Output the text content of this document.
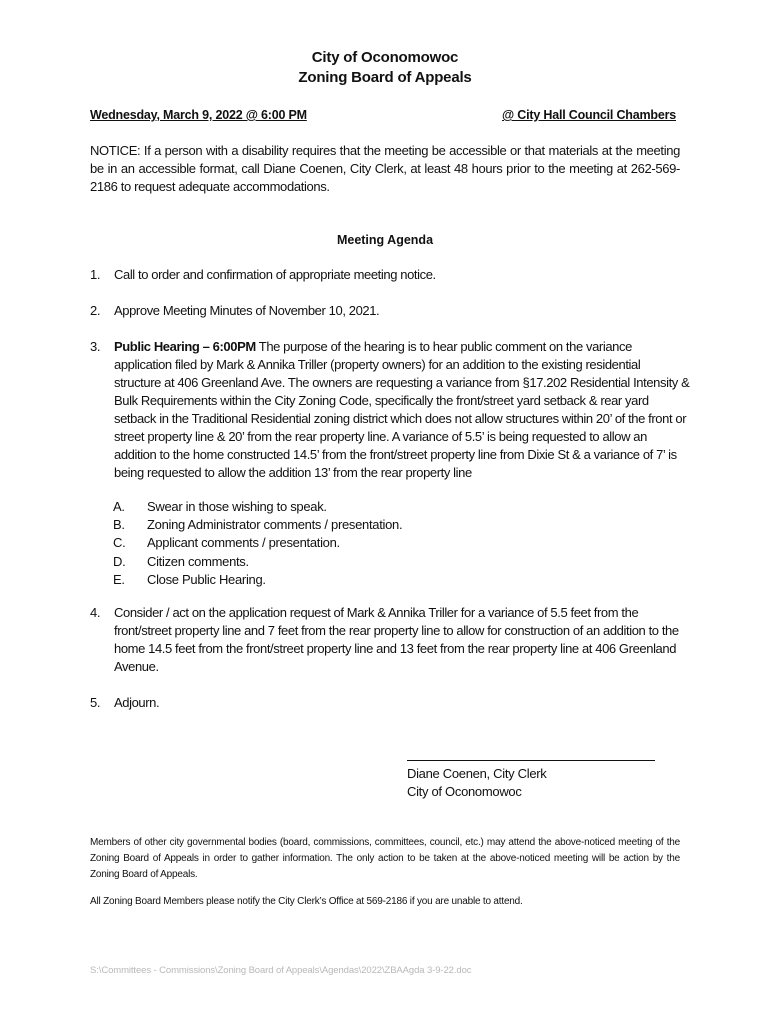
City of Oconomowoc
Zoning Board of Appeals
Wednesday, March 9, 2022 @ 6:00 PM	@ City Hall Council Chambers
NOTICE: If a person with a disability requires that the meeting be accessible or that materials at the meeting be in an accessible format, call Diane Coenen, City Clerk, at least 48 hours prior to the meeting at 262-569-2186 to request adequate accommodations.
Meeting Agenda
1. Call to order and confirmation of appropriate meeting notice.
2. Approve Meeting Minutes of November 10, 2021.
3. Public Hearing – 6:00PM The purpose of the hearing is to hear public comment on the variance application filed by Mark & Annika Triller (property owners) for an addition to the existing residential structure at 406 Greenland Ave. The owners are requesting a variance from §17.202 Residential Intensity & Bulk Requirements within the City Zoning Code, specifically the front/street yard setback & rear yard setback in the Traditional Residential zoning district which does not allow structures within 20’ of the front or street property line & 20’ from the rear property line. A variance of 5.5’ is being requested to allow an addition to the home constructed 14.5’ from the front/street property line from Dixie St & a variance of 7’ is being requested to allow the addition 13’ from the rear property line
A. Swear in those wishing to speak.
B. Zoning Administrator comments / presentation.
C. Applicant comments / presentation.
D. Citizen comments.
E. Close Public Hearing.
4. Consider / act on the application request of Mark & Annika Triller for a variance of 5.5 feet from the front/street property line and 7 feet from the rear property line to allow for construction of an addition to the home 14.5 feet from the front/street property line and 13 feet from the rear property line at 406 Greenland Avenue.
5. Adjourn.
Diane Coenen, City Clerk
City of Oconomowoc
Members of other city governmental bodies (board, commissions, committees, council, etc.) may attend the above-noticed meeting of the Zoning Board of Appeals in order to gather information. The only action to be taken at the above-noticed meeting will be action by the Zoning Board of Appeals.
All Zoning Board Members please notify the City Clerk’s Office at 569-2186 if you are unable to attend.
S:\Committees - Commissions\Zoning Board of Appeals\Agendas\2022\ZBAAgda 3-9-22.doc
